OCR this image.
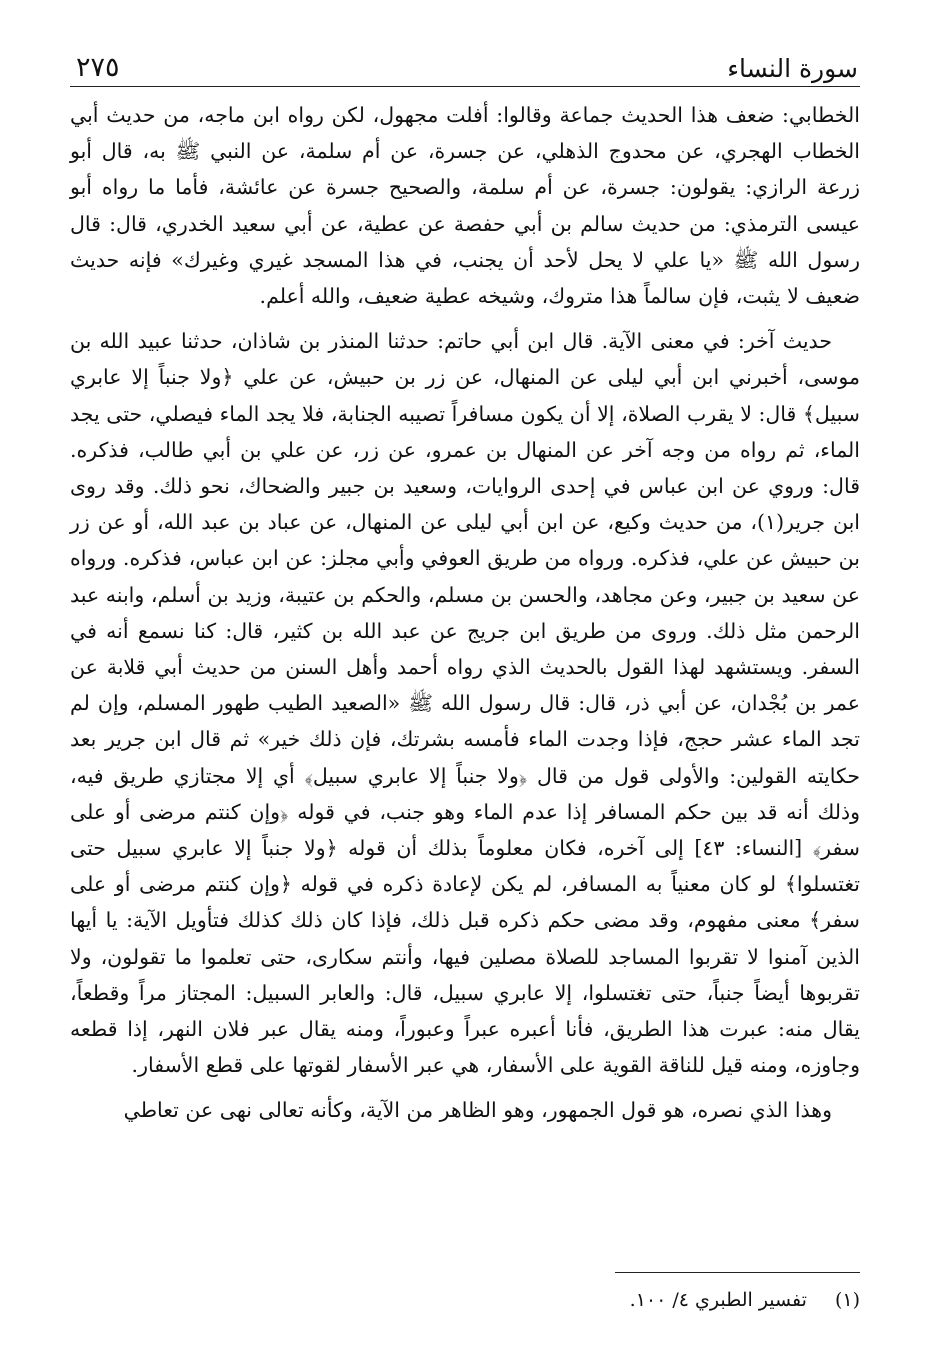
سورة النساء
٢٧٥

الخطابي: ضعف هذا الحديث جماعة وقالوا: أفلت مجهول، لكن رواه ابن ماجه، من حديث أبي الخطاب الهجري، عن محدوج الذهلي، عن جسرة، عن أم سلمة، عن النبي ﷺ به، قال أبو زرعة الرازي: يقولون: جسرة، عن أم سلمة، والصحيح جسرة عن عائشة، فأما ما رواه أبو عيسى الترمذي: من حديث سالم بن أبي حفصة عن عطية، عن أبي سعيد الخدري، قال: قال رسول الله ﷺ «يا علي لا يحل لأحد أن يجنب، في هذا المسجد غيري وغيرك» فإنه حديث ضعيف لا يثبت، فإن سالماً هذا متروك، وشيخه عطية ضعيف، والله أعلم.

حديث آخر: في معنى الآية. قال ابن أبي حاتم: حدثنا المنذر بن شاذان، حدثنا عبيد الله بن موسى، أخبرني ابن أبي ليلى عن المنهال، عن زر بن حبيش، عن علي ﴿ولا جنباً إلا عابري سبيل﴾ قال: لا يقرب الصلاة، إلا أن يكون مسافراً تصيبه الجنابة، فلا يجد الماء فيصلي، حتى يجد الماء، ثم رواه من وجه آخر عن المنهال بن عمرو، عن زر، عن علي بن أبي طالب، فذكره. قال: وروي عن ابن عباس في إحدى الروايات، وسعيد بن جبير والضحاك، نحو ذلك. وقد روى ابن جرير(١)، من حديث وكيع، عن ابن أبي ليلى عن المنهال، عن عباد بن عبد الله، أو عن زر بن حبيش عن علي، فذكره. ورواه من طريق العوفي وأبي مجلز: عن ابن عباس، فذكره. ورواه عن سعيد بن جبير، وعن مجاهد، والحسن بن مسلم، والحكم بن عتيبة، وزيد بن أسلم، وابنه عبد الرحمن مثل ذلك. وروى من طريق ابن جريج عن عبد الله بن كثير، قال: كنا نسمع أنه في السفر. ويستشهد لهذا القول بالحديث الذي رواه أحمد وأهل السنن من حديث أبي قلابة عن عمر بن بُجْدان، عن أبي ذر، قال: قال رسول الله ﷺ «الصعيد الطيب طهور المسلم، وإن لم تجد الماء عشر حجج، فإذا وجدت الماء فأمسه بشرتك، فإن ذلك خير» ثم قال ابن جرير بعد حكايته القولين: والأولى قول من قال ﴿ولا جنباً إلا عابري سبيل﴾ أي إلا مجتازي طريق فيه، وذلك أنه قد بين حكم المسافر إذا عدم الماء وهو جنب، في قوله ﴿وإن كنتم مرضى أو على سفر﴾ [النساء: ٤٣] إلى آخره، فكان معلوماً بذلك أن قوله ﴿ولا جنباً إلا عابري سبيل حتى تغتسلوا﴾ لو كان معنياً به المسافر، لم يكن لإعادة ذكره في قوله ﴿وإن كنتم مرضى أو على سفر﴾ معنى مفهوم، وقد مضى حكم ذكره قبل ذلك، فإذا كان ذلك كذلك فتأويل الآية: يا أيها الذين آمنوا لا تقربوا المساجد للصلاة مصلين فيها، وأنتم سكارى، حتى تعلموا ما تقولون، ولا تقربوها أيضاً جنباً، حتى تغتسلوا، إلا عابري سبيل، قال: والعابر السبيل: المجتاز مراً وقطعاً، يقال منه: عبرت هذا الطريق، فأنا أعبره عبراً وعبوراً، ومنه يقال عبر فلان النهر، إذا قطعه وجاوزه، ومنه قيل للناقة القوية على الأسفار، هي عبر الأسفار لقوتها على قطع الأسفار.

وهذا الذي نصره، هو قول الجمهور، وهو الظاهر من الآية، وكأنه تعالى نهى عن تعاطي

(١) تفسير الطبري ٤/ ١٠٠.
